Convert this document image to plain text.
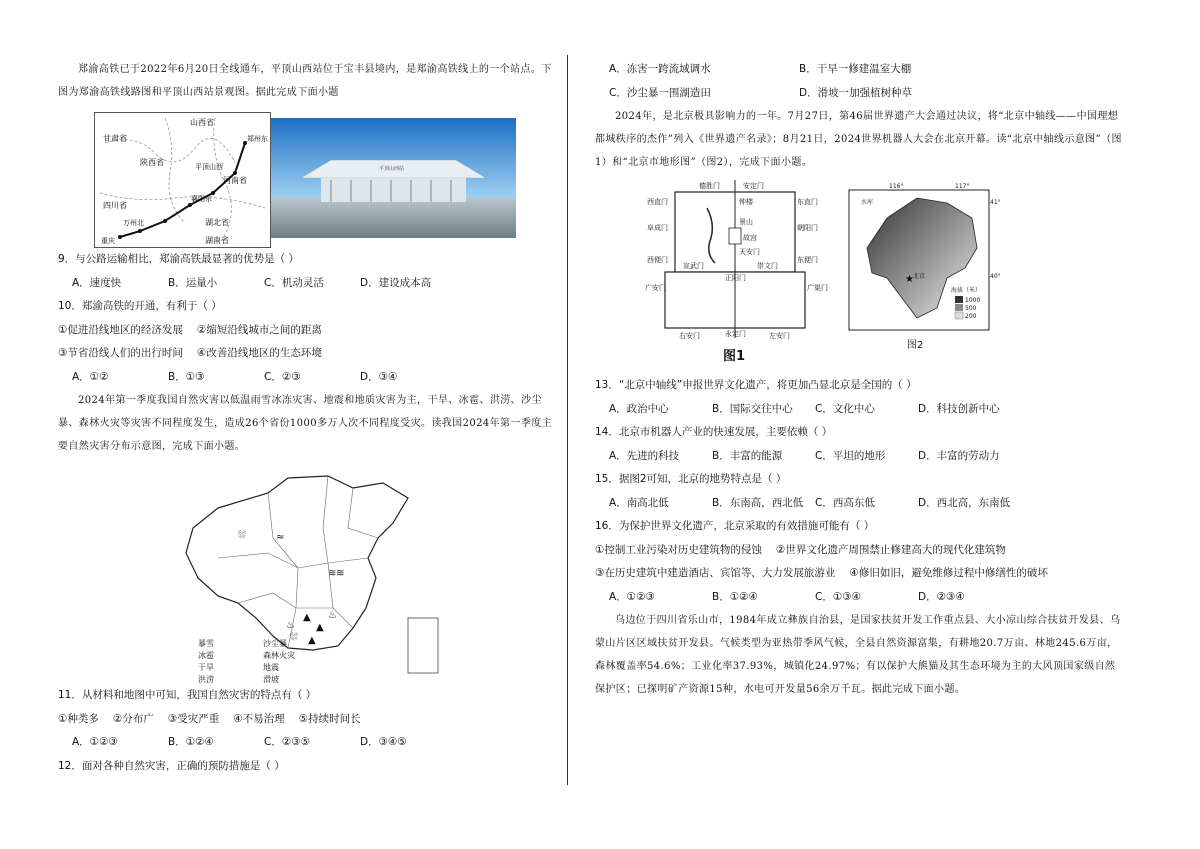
郑渝高铁已于2022年6月20日全线通车，平顶山西站位于宝丰县境内，是郑渝高铁线上的一个站点。下图为郑渝高铁线路图和平顶山西站景观图。据此完成下面小题

甘肃省
山西省
陕西省
河南省
四川省
湖北省
湖南省
重庆
郑州东
平顶山西
襄阳东
万州北
平顶山西站

9．与公路运输相比，郑渝高铁最显著的优势是（ ）

A．速度快	B．运量小	C．机动灵活	D．建设成本高

10．郑渝高铁的开通，有利于（ ）

①促进沿线地区的经济发展 ②缩短沿线城市之间的距离

③节省沿线人们的出行时间 ④改善沿线地区的生态环境

A．①②	B．①③	C．②③	D．③④

2024年第一季度我国自然灾害以低温雨雪冰冻灾害、地震和地质灾害为主，干旱、冰雹、洪涝、沙尘暴、森林火灾等灾害不同程度发生，造成26个省份1000多万人次不同程度受灾。读我国2024年第一季度主要自然灾害分布示意图，完成下面小题。

⛆	≈
≋ ≋
▲
▲
♨
♨
⛆ ▲
暴雪	沙尘暴
冰雹	森林火灾
干旱	地震
洪涝	滑坡

11．从材料和地图中可知，我国自然灾害的特点有（ ）

①种类多 ②分布广 ③受灾严重 ④不易治理 ⑤持续时间长

A．①②③	B．①②④	C．②③⑤	D．③④⑤

12．面对各种自然灾害，正确的预防措施是（ ）

A．冻害一跨流域调水	B．干旱一修建温室大棚
C．沙尘暴一围湖造田	D．滑坡一加强植树种草

2024年，是北京极具影响力的一年。7月27日，第46届世界遗产大会通过决议，将“北京中轴线——中国理想都城秩序的杰作”列入《世界遗产名录》；8月21日，2024世界机器人大会在北京开幕。读“北京中轴线示意图”（图1）和“北京市地形图”（图2），完成下面小题。

德胜门	安定门
西直门	东直门
阜成门	朝阳门
西便门	东便门
广安门	广渠门
右安门	左安门
宣武门	崇文门
正阳门
永定门
钟楼
景山
故宫
天安门
图1
★
116°	117°
41°
40°
水库
北京
海拔（米）
1000
500
200
图2

13．“北京中轴线”申报世界文化遗产，将更加凸显北京是全国的（ ）

A．政治中心	B．国际交往中心	C．文化中心	D．科技创新中心

14．北京市机器人产业的快速发展，主要依赖（ ）

A．先进的科技	B．丰富的能源	C．平坦的地形	D．丰富的劳动力

15．据图2可知，北京的地势特点是（ ）

A．南高北低	B．东南高，西北低	C．西高东低	D．西北高，东南低

16．为保护世界文化遗产，北京采取的有效措施可能有（ ）

①控制工业污染对历史建筑物的侵蚀 ②世界文化遗产周围禁止修建高大的现代化建筑物

③在历史建筑中建造酒店、宾馆等，大力发展旅游业 ④修旧如旧，避免维修过程中修缮性的破坏

A．①②③	B．①②④	C．①③④	D．②③④

乌边位于四川省乐山市，1984年成立彝族自治县，是国家扶贫开发工作重点县、大小凉山综合扶贫开发县、乌蒙山片区区域扶贫开发县。气候类型为亚热带季风气候，全县自然资源富集，有耕地20.7万亩、林地245.6万亩，森林覆盖率54.6%；工业化率37.93%，城镇化24.97%；有以保护大熊猫及其生态环境为主的大风顶国家级自然保护区；已探明矿产资源15种，水电可开发量56余万千瓦。据此完成下面小题。
